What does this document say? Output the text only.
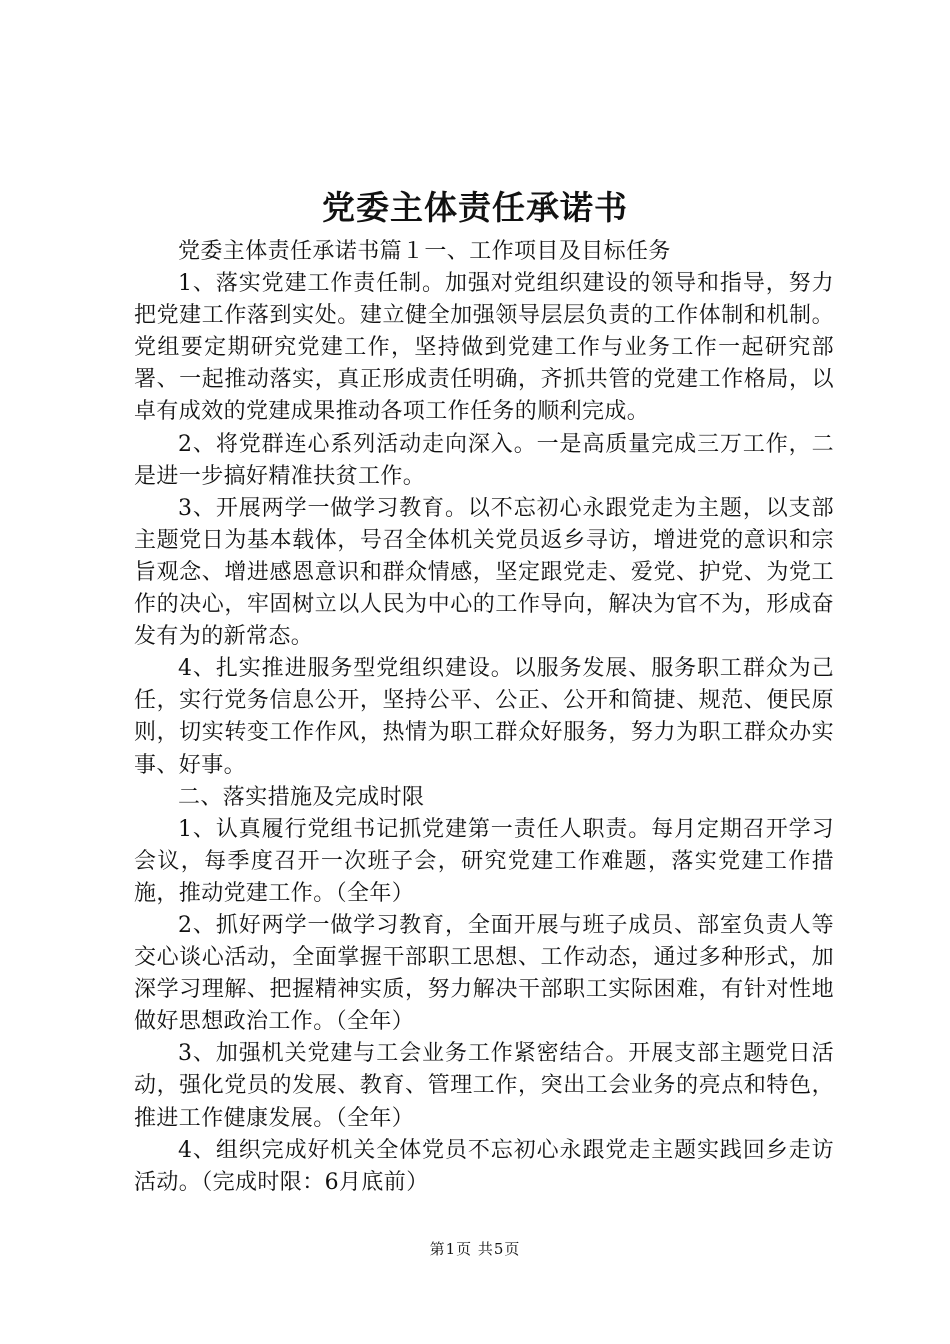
党委主体责任承诺书

党委主体责任承诺书篇１一、工作项目及目标任务

1、落实党建工作责任制。加强对党组织建设的领导和指导，努力把党建工作落到实处。建立健全加强领导层层负责的工作体制和机制。党组要定期研究党建工作，坚持做到党建工作与业务工作一起研究部署、一起推动落实，真正形成责任明确，齐抓共管的党建工作格局，以卓有成效的党建成果推动各项工作任务的顺利完成。

2、将党群连心系列活动走向深入。一是高质量完成三万工作，二是进一步搞好精准扶贫工作。

3、开展两学一做学习教育。以不忘初心永跟党走为主题，以支部主题党日为基本载体，号召全体机关党员返乡寻访，增进党的意识和宗旨观念、增进感恩意识和群众情感，坚定跟党走、爱党、护党、为党工作的决心，牢固树立以人民为中心的工作导向，解决为官不为，形成奋发有为的新常态。

4、扎实推进服务型党组织建设。以服务发展、服务职工群众为己任，实行党务信息公开，坚持公平、公正、公开和简捷、规范、便民原则，切实转变工作作风，热情为职工群众好服务，努力为职工群众办实事、好事。

二、落实措施及完成时限

1、认真履行党组书记抓党建第一责任人职责。每月定期召开学习会议，每季度召开一次班子会，研究党建工作难题，落实党建工作措施，推动党建工作。（全年）

2、抓好两学一做学习教育，全面开展与班子成员、部室负责人等交心谈心活动，全面掌握干部职工思想、工作动态，通过多种形式，加深学习理解、把握精神实质，努力解决干部职工实际困难，有针对性地做好思想政治工作。（全年）

3、加强机关党建与工会业务工作紧密结合。开展支部主题党日活动，强化党员的发展、教育、管理工作，突出工会业务的亮点和特色，推进工作健康发展。（全年）

4、组织完成好机关全体党员不忘初心永跟党走主题实践回乡走访活动。（完成时限：6月底前）

第1页 共5页
